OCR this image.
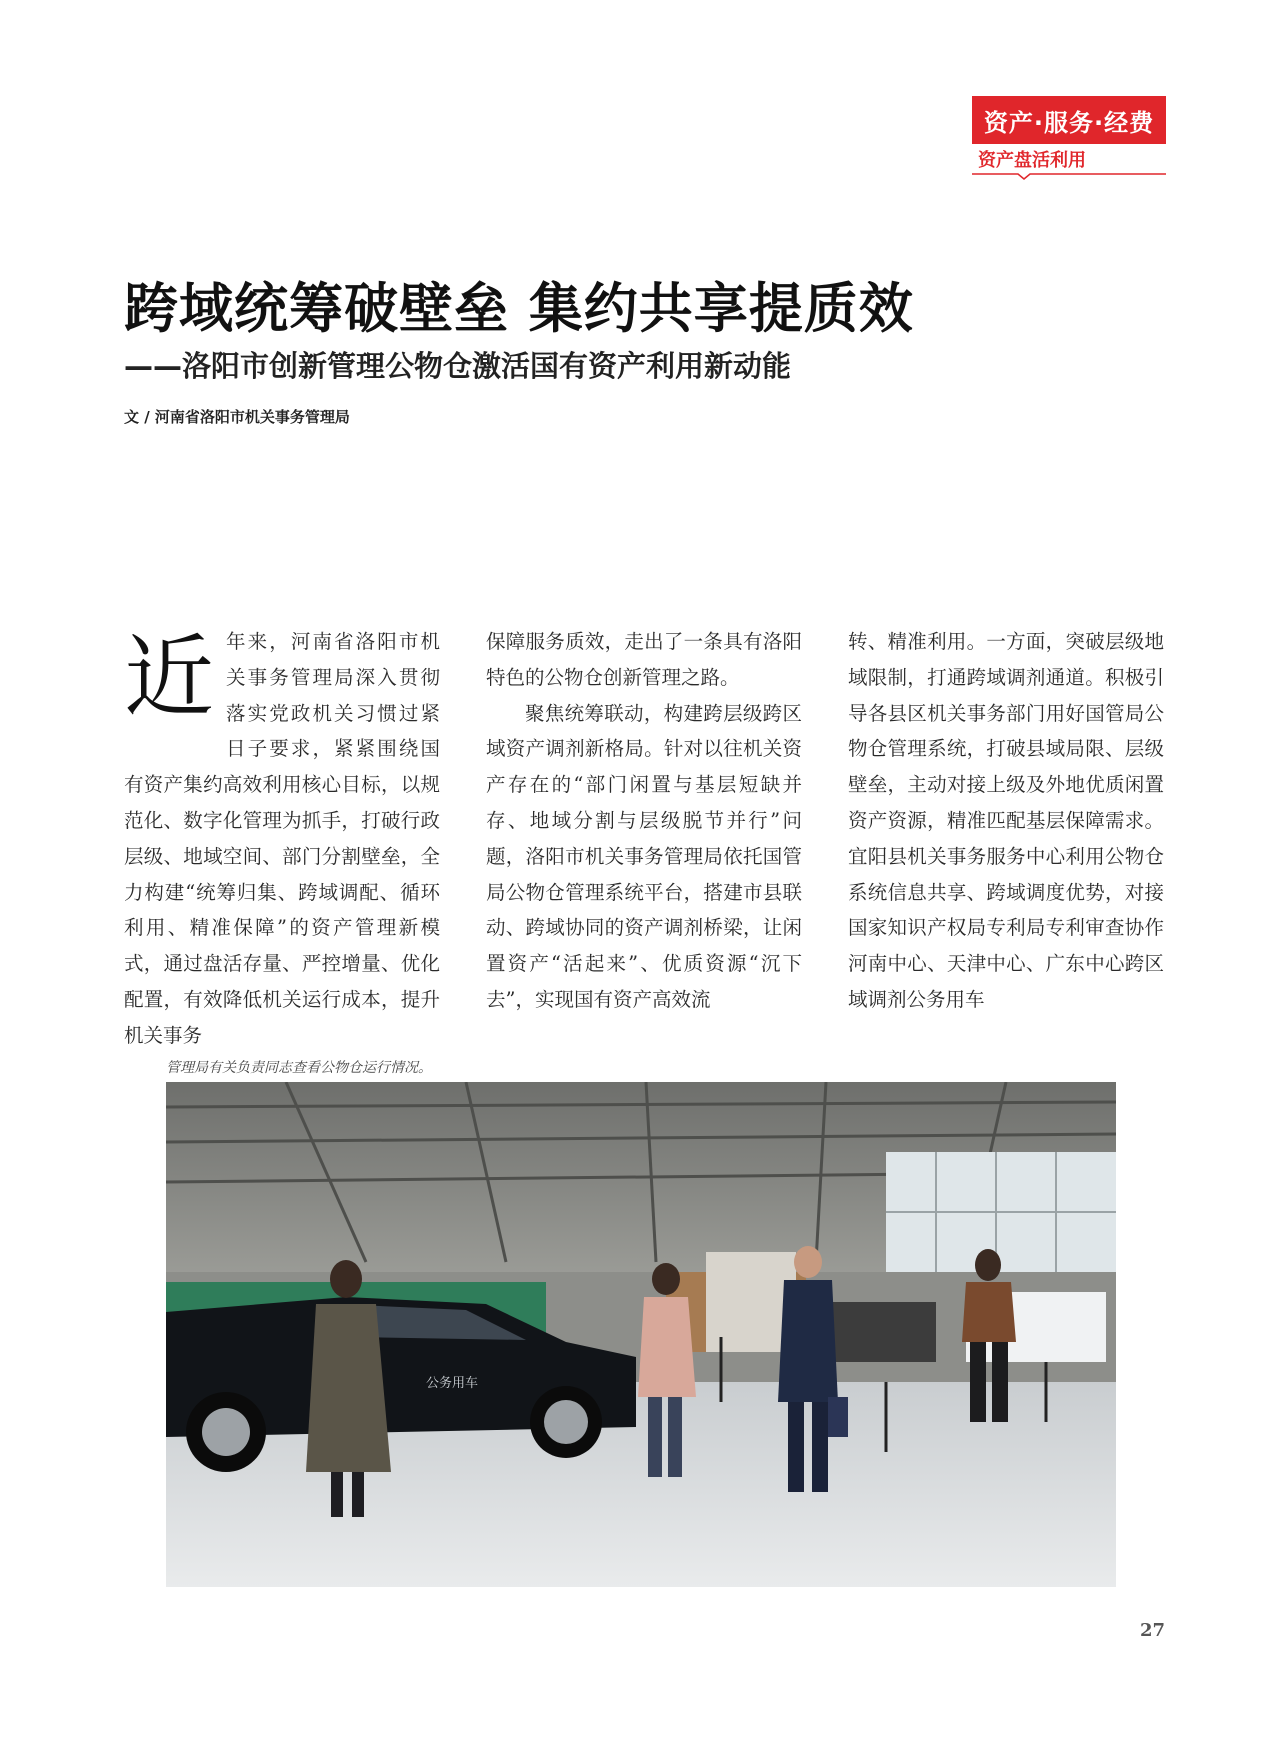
资产·服务·经费
资产盘活利用
跨域统筹破壁垒 集约共享提质效
——洛阳市创新管理公物仓激活国有资产利用新动能
文 / 河南省洛阳市机关事务管理局
近 年来，河南省洛阳市机关事务管理局深入贯彻落实党政机关习惯过紧日子要求，紧紧围绕国有资产集约高效利用核心目标，以规范化、数字化管理为抓手，打破行政层级、地域空间、部门分割壁垒，全力构建“统筹归集、跨域调配、循环利用、精准保障”的资产管理新模式，通过盘活存量、严控增量、优化配置，有效降低机关运行成本，提升机关事务

保障服务质效，走出了一条具有洛阳特色的公物仓创新管理之路。

聚焦统筹联动，构建跨层级跨区域资产调剂新格局。针对以往机关资产存在的“部门闲置与基层短缺并存、地域分割与层级脱节并行”问题，洛阳市机关事务管理局依托国管局公物仓管理系统平台，搭建市县联动、跨域协同的资产调剂桥梁，让闲置资产“活起来”、优质资源“沉下去”，实现国有资产高效流

转、精准利用。一方面，突破层级地域限制，打通跨域调剂通道。积极引导各县区机关事务部门用好国管局公物仓管理系统，打破县域局限、层级壁垒，主动对接上级及外地优质闲置资产资源，精准匹配基层保障需求。宜阳县机关事务服务中心利用公物仓系统信息共享、跨域调度优势，对接国家知识产权局专利局专利审查协作河南中心、天津中心、广东中心跨区域调剂公务用车

管理局有关负责同志查看公物仓运行情况。
公务用车
27
